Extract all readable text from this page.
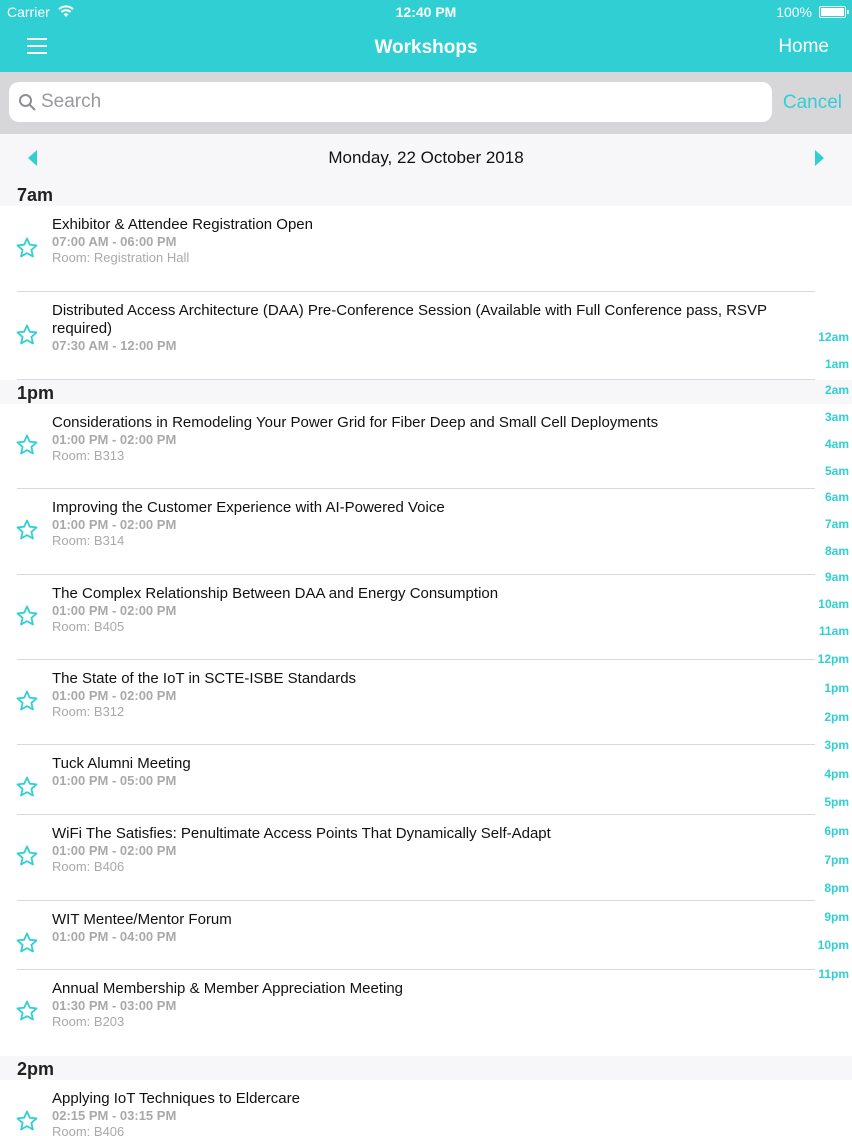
Carrier	12:40 PM	100%
Workshops	Home
Search
Cancel
Monday, 22 October 2018
7am
Exhibitor & Attendee Registration Open
07:00 AM - 06:00 PM
Room: Registration Hall
Distributed Access Architecture (DAA) Pre-Conference Session (Available with Full Conference pass, RSVP required)
07:30 AM - 12:00 PM
1pm
Considerations in Remodeling Your Power Grid for Fiber Deep and Small Cell Deployments
01:00 PM - 02:00 PM
Room: B313
Improving the Customer Experience with AI-Powered Voice
01:00 PM - 02:00 PM
Room: B314
The Complex Relationship Between DAA and Energy Consumption
01:00 PM - 02:00 PM
Room: B405
The State of the IoT in SCTE-ISBE Standards
01:00 PM - 02:00 PM
Room: B312
Tuck Alumni Meeting
01:00 PM - 05:00 PM
WiFi The Satisfies: Penultimate Access Points That Dynamically Self-Adapt
01:00 PM - 02:00 PM
Room: B406
WIT Mentee/Mentor Forum
01:00 PM - 04:00 PM
Annual Membership & Member Appreciation Meeting
01:30 PM - 03:00 PM
Room: B203
2pm
Applying IoT Techniques to Eldercare
02:15 PM - 03:15 PM
Room: B406
12am
1am
2am
3am
4am
5am
6am
7am
8am
9am
10am
11am
12pm
1pm
2pm
3pm
4pm
5pm
6pm
7pm
8pm
9pm
10pm
11pm
